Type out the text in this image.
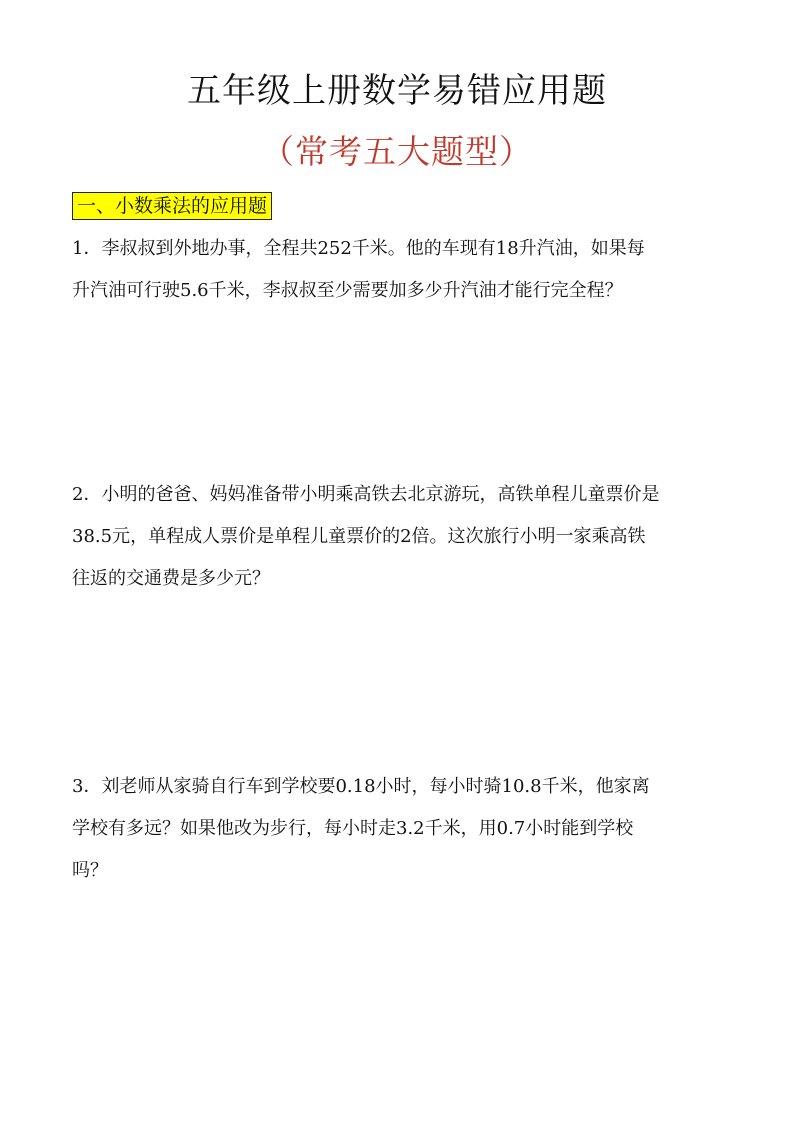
五年级上册数学易错应用题
（常考五大题型）
一、小数乘法的应用题
1．李叔叔到外地办事，全程共252千米。他的车现有18升汽油，如果每
升汽油可行驶5.6千米，李叔叔至少需要加多少升汽油才能行完全程？
2．小明的爸爸、妈妈准备带小明乘高铁去北京游玩，高铁单程儿童票价是
38.5元，单程成人票价是单程儿童票价的2倍。这次旅行小明一家乘高铁
往返的交通费是多少元？
3．刘老师从家骑自行车到学校要0.18小时，每小时骑10.8千米，他家离
学校有多远？如果他改为步行，每小时走3.2千米，用0.7小时能到学校
吗？
